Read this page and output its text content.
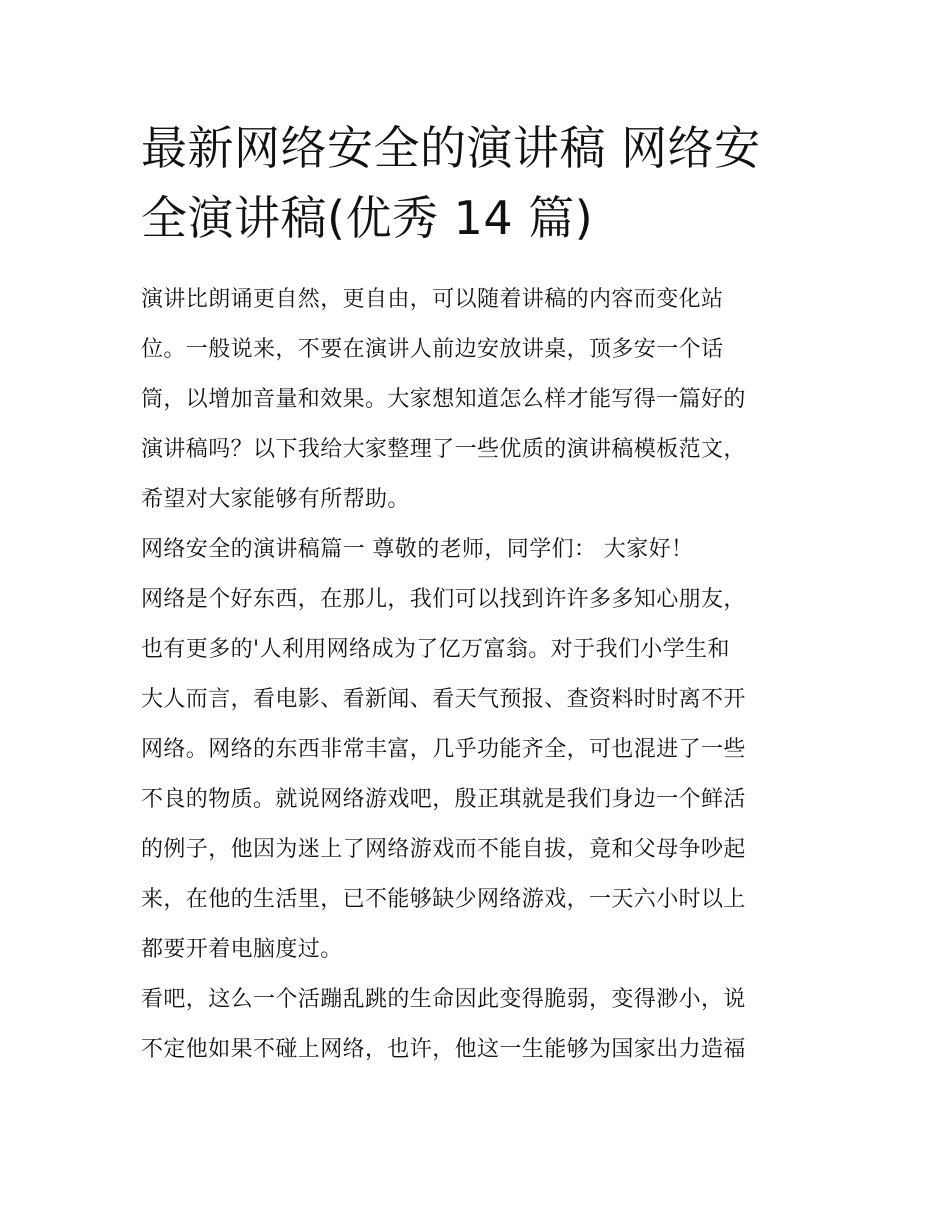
最新网络安全的演讲稿 网络安
全演讲稿(优秀 14 篇)

演讲比朗诵更自然，更自由，可以随着讲稿的内容而变化站
位。一般说来，不要在演讲人前边安放讲桌，顶多安一个话
筒，以增加音量和效果。大家想知道怎么样才能写得一篇好的
演讲稿吗？以下我给大家整理了一些优质的演讲稿模板范文，
希望对大家能够有所帮助。

网络安全的演讲稿篇一 尊敬的老师，同学们： 大家好！

网络是个好东西，在那儿，我们可以找到许许多多知心朋友，
也有更多的'人利用网络成为了亿万富翁。对于我们小学生和
大人而言，看电影、看新闻、看天气预报、查资料时时离不开
网络。网络的东西非常丰富，几乎功能齐全，可也混进了一些
不良的物质。就说网络游戏吧，殷正琪就是我们身边一个鲜活
的例子，他因为迷上了网络游戏而不能自拔，竟和父母争吵起
来，在他的生活里，已不能够缺少网络游戏，一天六小时以上
都要开着电脑度过。

看吧，这么一个活蹦乱跳的生命因此变得脆弱，变得渺小，说
不定他如果不碰上网络，也许，他这一生能够为国家出力造福
